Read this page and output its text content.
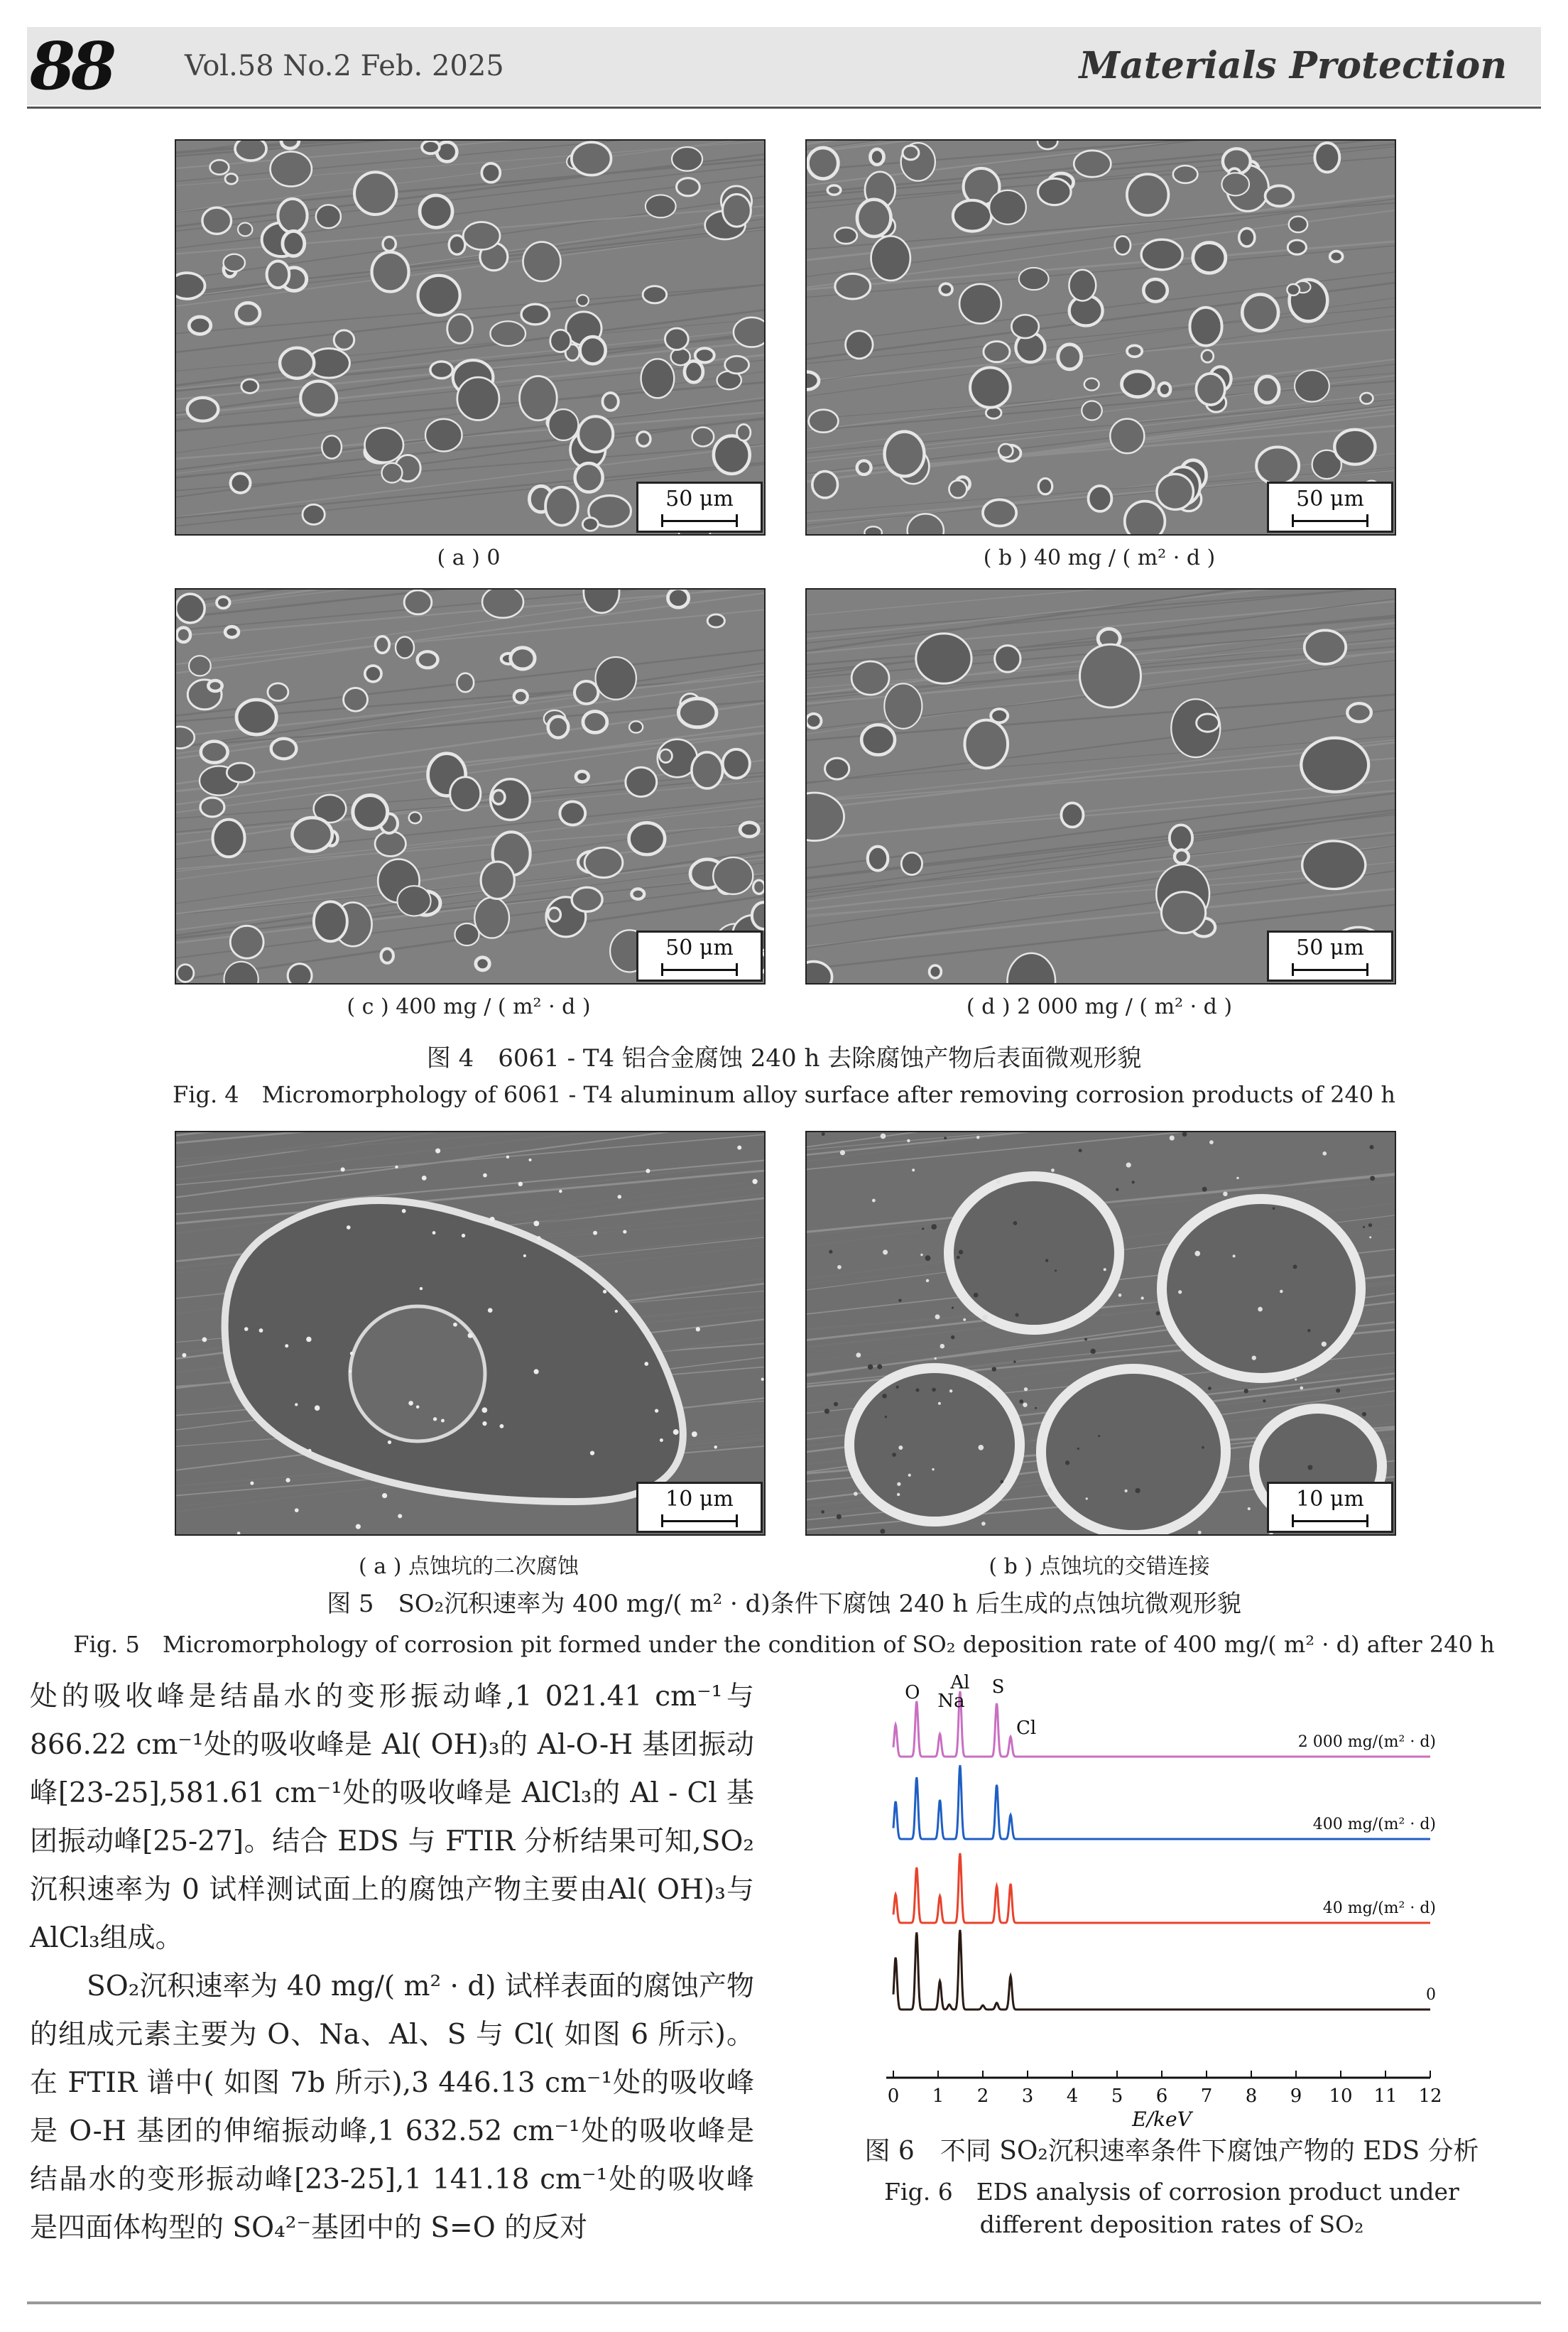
88	Vol.58 No.2 Feb. 2025	Materials Protection
50 μm
( a ) 0
50 μm
( b ) 40 mg / ( m² · d )
50 μm
( c ) 400 mg / ( m² · d )
50 μm
( d ) 2 000 mg / ( m² · d )
图 4　6061 - T4 铝合金腐蚀 240 h 去除腐蚀产物后表面微观形貌
Fig. 4　Micromorphology of 6061 - T4 aluminum alloy surface after removing corrosion products of 240 h
10 μm
( a ) 点蚀坑的二次腐蚀
10 μm
( b ) 点蚀坑的交错连接
图 5　SO₂沉积速率为 400 mg/( m² · d)条件下腐蚀 240 h 后生成的点蚀坑微观形貌
Fig. 5　Micromorphology of corrosion pit formed under the condition of SO₂ deposition rate of 400 mg/( m² · d) after 240 h

处的吸收峰是结晶水的变形振动峰,1 021.41 cm⁻¹与866.22 cm⁻¹处的吸收峰是 Al( OH)₃的 Al-O-H 基团振动峰[23-25],581.61 cm⁻¹处的吸收峰是 AlCl₃的 Al - Cl 基团振动峰[25-27]。结合 EDS 与 FTIR 分析结果可知,SO₂沉积速率为 0 试样测试面上的腐蚀产物主要由Al( OH)₃与 AlCl₃组成。

SO₂沉积速率为 40 mg/( m² · d) 试样表面的腐蚀产物的组成元素主要为 O、Na、Al、S 与 Cl( 如图 6 所示)。在 FTIR 谱中( 如图 7b 所示),3 446.13 cm⁻¹处的吸收峰是 O-H 基团的伸缩振动峰,1 632.52 cm⁻¹处的吸收峰是结晶水的变形振动峰[23-25],1 141.18 cm⁻¹处的吸收峰是四面体构型的 SO₄²⁻基团中的 S=O 的反对

2 000 mg/(m² · d)
400 mg/(m² · d)
40 mg/(m² · d)
0
O Na
Al S
Cl
0 1 2 3 4 5 6 7 8 9 10 11 12
E/keV
图 6　不同 SO₂沉积速率条件下腐蚀产物的 EDS 分析
Fig. 6　EDS analysis of corrosion product under
different deposition rates of SO₂
